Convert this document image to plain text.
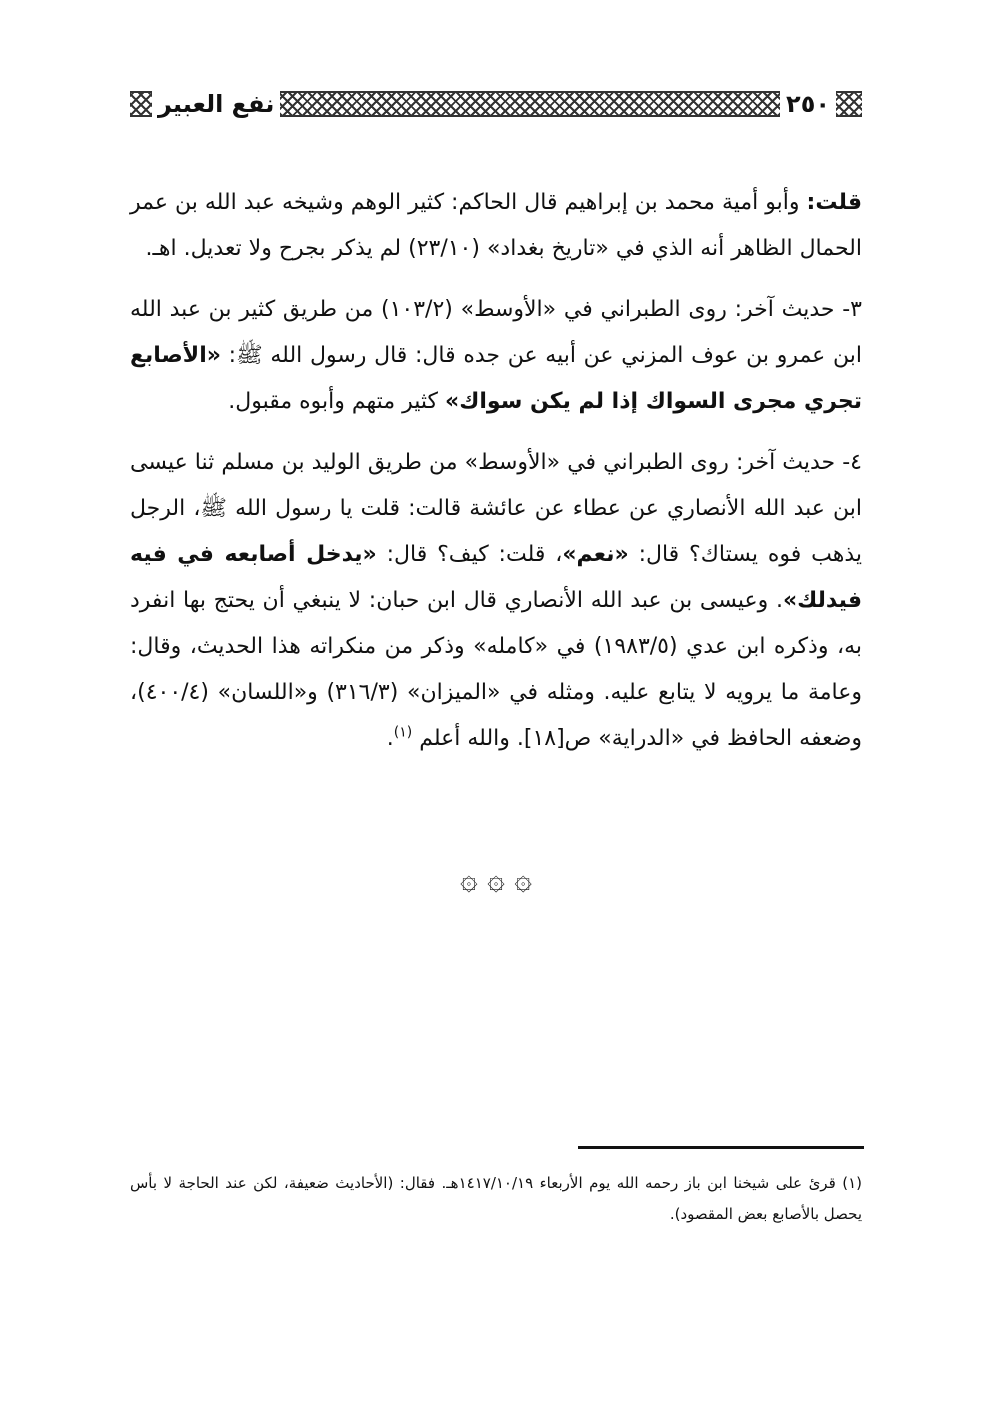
٢٥٠
نفع العبير

قلت: وأبو أمية محمد بن إبراهيم قال الحاكم: كثير الوهم وشيخه عبد الله بن عمر الحمال الظاهر أنه الذي في «تاريخ بغداد» (٢٣/١٠) لم يذكر بجرح ولا تعديل. اهـ.

٣- حديث آخر: روى الطبراني في «الأوسط» (١٠٣/٢) من طريق كثير بن عبد الله ابن عمرو بن عوف المزني عن أبيه عن جده قال: قال رسول الله ﷺ: «الأصابع تجري مجرى السواك إذا لم يكن سواك» كثير متهم وأبوه مقبول.

٤- حديث آخر: روى الطبراني في «الأوسط» من طريق الوليد بن مسلم ثنا عيسى ابن عبد الله الأنصاري عن عطاء عن عائشة قالت: قلت يا رسول الله ﷺ، الرجل يذهب فوه يستاك؟ قال: «نعم»، قلت: كيف؟ قال: «يدخل أصابعه في فيه فيدلك». وعيسى بن عبد الله الأنصاري قال ابن حبان: لا ينبغي أن يحتج بها انفرد به، وذكره ابن عدي (١٩٨٣/٥) في «كامله» وذكر من منكراته هذا الحديث، وقال: وعامة ما يرويه لا يتابع عليه. ومثله في «الميزان» (٣١٦/٣) و«اللسان» (٤٠٠/٤)، وضعفه الحافظ في «الدراية» ص[١٨]. والله أعلم $^{(١)}$.

۞ ۞ ۞
(١) قرئ على شيخنا ابن باز رحمه الله يوم الأربعاء ١٤١٧/١٠/١٩هـ. فقال: (الأحاديث ضعيفة، لكن عند الحاجة لا بأس يحصل بالأصابع بعض المقصود).
